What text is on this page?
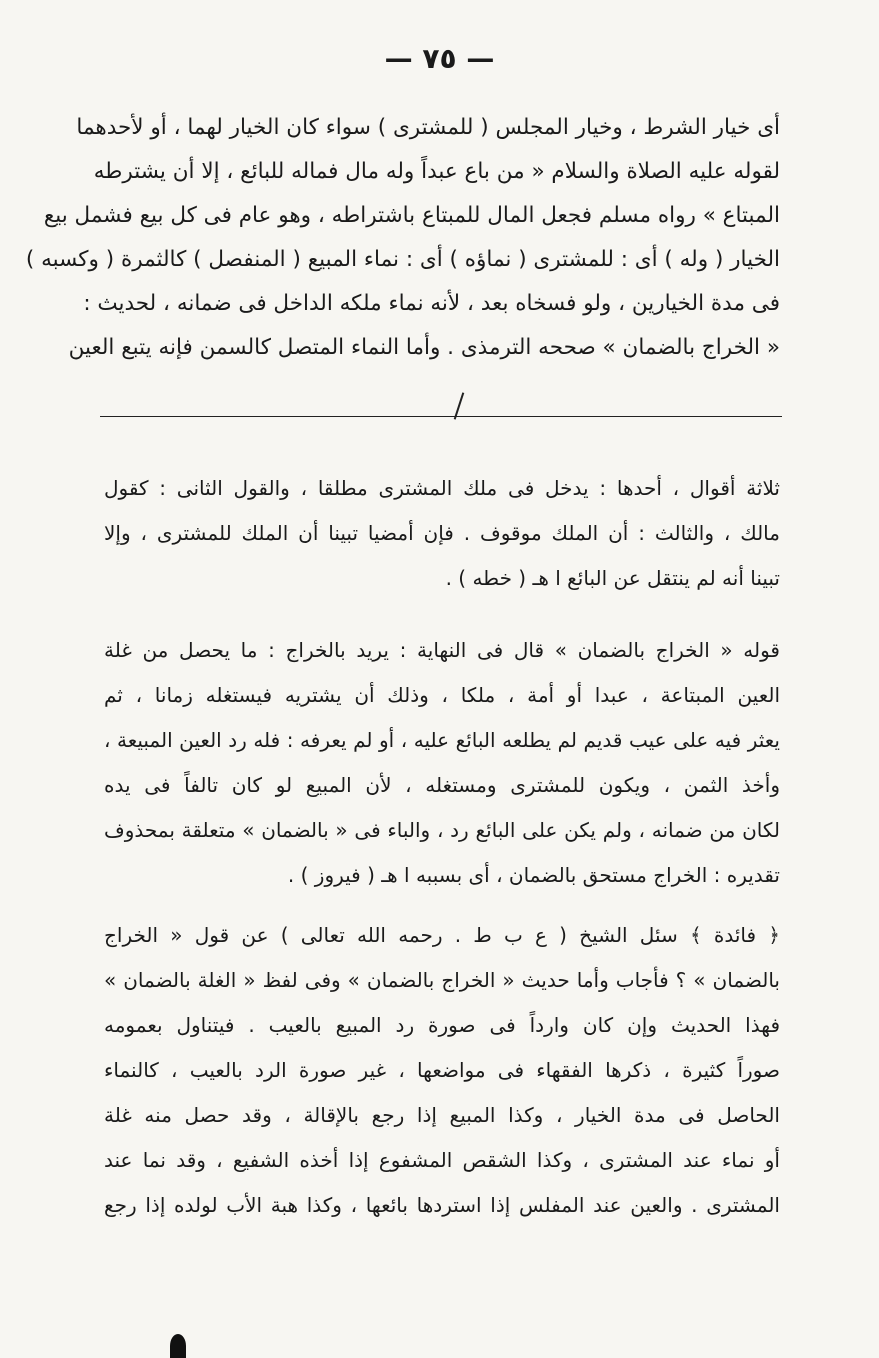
— ٧٥ —
أى خيار الشرط ، وخيار المجلس ( للمشترى ) سواء كان الخيار لهما ، أو لأحدهما
لقوله عليه الصلاة والسلام « من باع عبداً وله مال فماله للبائع ، إلا أن يشترطه
المبتاع » رواه مسلم فجعل المال للمبتاع باشتراطه ، وهو عام فى كل بيع فشمل بيع
الخيار ( وله ) أى : للمشترى ( نماؤه ) أى : نماء المبيع ( المنفصل ) كالثمرة ( وكسبه )
فى مدة الخيارين ، ولو فسخاه بعد ، لأنه نماء ملكه الداخل فى ضمانه ، لحديث :
« الخراج بالضمان » صححه الترمذى . وأما النماء المتصل كالسمن فإنه يتبع العين
ثلاثة أقوال ، أحدها : يدخل فى ملك المشترى مطلقا ، والقول الثانى : كقول
مالك ، والثالث : أن الملك موقوف . فإن أمضيا تبينا أن الملك للمشترى ، وإلا
تبينا أنه لم ينتقل عن البائع ا هـ ( خطه ) .
قوله « الخراج بالضمان » قال فى النهاية : يريد بالخراج : ما يحصل من غلة
العين المبتاعة ، عبدا أو أمة ، ملكا ، وذلك أن يشتريه فيستغله زمانا ، ثم
يعثر فيه على عيب قديم لم يطلعه البائع عليه ، أو لم يعرفه : فله رد العين المبيعة ،
وأخذ الثمن ، ويكون للمشترى ومستغله ، لأن المبيع لو كان تالفاً فى يده
لكان من ضمانه ، ولم يكن على البائع رد ، والباء فى « بالضمان » متعلقة بمحذوف
تقديره : الخراج مستحق بالضمان ، أى بسببه ا هـ ( فيروز ) .
﴿ فائدة ﴾ سئل الشيخ ( ع ب ط . رحمه الله تعالى ) عن قول « الخراج
بالضمان » ؟ فأجاب وأما حديث « الخراج بالضمان » وفى لفظ « الغلة بالضمان »
فهذا الحديث وإن كان وارداً فى صورة رد المبيع بالعيب . فيتناول بعمومه
صوراً كثيرة ، ذكرها الفقهاء فى مواضعها ، غير صورة الرد بالعيب ، كالنماء
الحاصل فى مدة الخيار ، وكذا المبيع إذا رجع بالإقالة ، وقد حصل منه غلة
أو نماء عند المشترى ، وكذا الشقص المشفوع إذا أخذه الشفيع ، وقد نما عند
المشترى . والعين عند المفلس إذا استردها بائعها ، وكذا هبة الأب لولده إذا رجع
